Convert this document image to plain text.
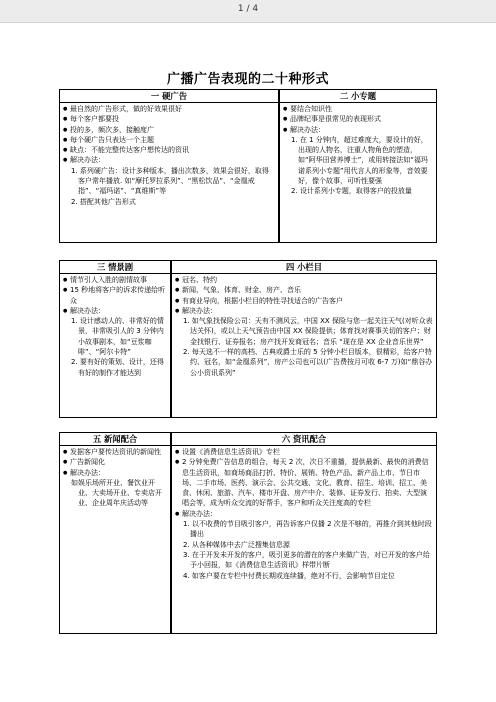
1 / 4
广播广告表现的二十种形式
一 硬广告
● 最自然的广告形式，做的好效果很好
● 每个客户都要投
● 投的多，频次多，接触度广
● 每个硬广告只表达一个主题
● 缺点：不能完整传达客户想传达的资讯
● 解决办法：
1. 系列硬广告：设计多种版本，播出次数多，效果会很好，取得客户常年播放. 如“摩托罗拉系列”、“黑松饮品”、“金凰戒指”、“福玛诺”、“真维斯”等
2. 搭配其他广告形式
二 小专题
● 要结合知识性
● 品牌纪事是很常见的表现形式
● 解决办法：
1. 在 1 分钟内，超过难度大，要设计的好，出现的人物名，注重人物角色的塑造，如“阿华田营养博士”，或用转接法如“福玛诺系列小专题”用代言人的形象等，音效要好，像个故事，可听性要强
2. 设计系列小专题，取得客户的投放量
三 情景剧
● 情节引人入胜的剧情故事
● 15 秒地将客户的诉求传递给听众
● 解决办法：
1. 设计感动人的、非常好的情景，非常吸引人的 3 分钟内小故事剧本，如“豆浆咖啡”、“阿尔卡特”
2. 要有好的策划、设计，还得有好的制作才能达到
四 小栏目
● 冠名、特约
● 新闻、气象、体育、财金、房产、音乐
● 有商业导向，根据小栏目的特性寻找适合的广告客户
● 解决办法：
1. 如气象找保险公司：天有不测风云，中国 XX 保险与您一起关注天气(对听众表达关怀)，或以上天气预告由中国 XX 保险提供；体育找对赛事关切的客户；财金找银行、证券报名；房产找开发商冠名；音乐 “现在是 XX 企业音乐世界”
2. 每天选不一样的高档、古典或爵士乐的 5 分钟小栏目版本，很精彩，给客户特约、冠名，如“金凰系列”，房产公司也可以(广告费按月可收 6-7 万)如“鼎谷办公小资讯系列”
五 新闻配合
● 发据客户要传达资讯的新闻性
● 广告新闻化
● 解决办法：
如娱乐场所开业、餐饮业开业、大卖场开业、专卖店开业、企业周年庆活动等
六 资讯配合
● 设置《消费信息生活资讯》专栏
● 2 分钟免费广告信息的组合，每天 2 次，次日不重播，提供最新、最快的消费信息生活资讯，如商场商品打折、特价、展销、特色产品、新产品上市、节日市场、二手市场、医药、演示会、公共交通、文化、教育、招生、培训、招工、美食、休闲、旅游、汽车、楼市开盘、房产中介、装修、证券发行、拍卖、大型演唱会等，成为听众交流的好帮手，客户和听众关注度高的专栏
● 解决办法：
1. 以不收费的节目吸引客户，再告诉客户仅播 2 次是不够的，再推介到其他时段播出
2. 从各种媒体中去广泛搜集信息源
3. 在于开发未开发的客户，吸引更多的潜在的客户来做广告，对已开发的客户给予小回报，如《消费信息生活资讯》样带片断
4. 如客户要在专栏中付费长期或连续播，绝对不行，会影响节目定位
